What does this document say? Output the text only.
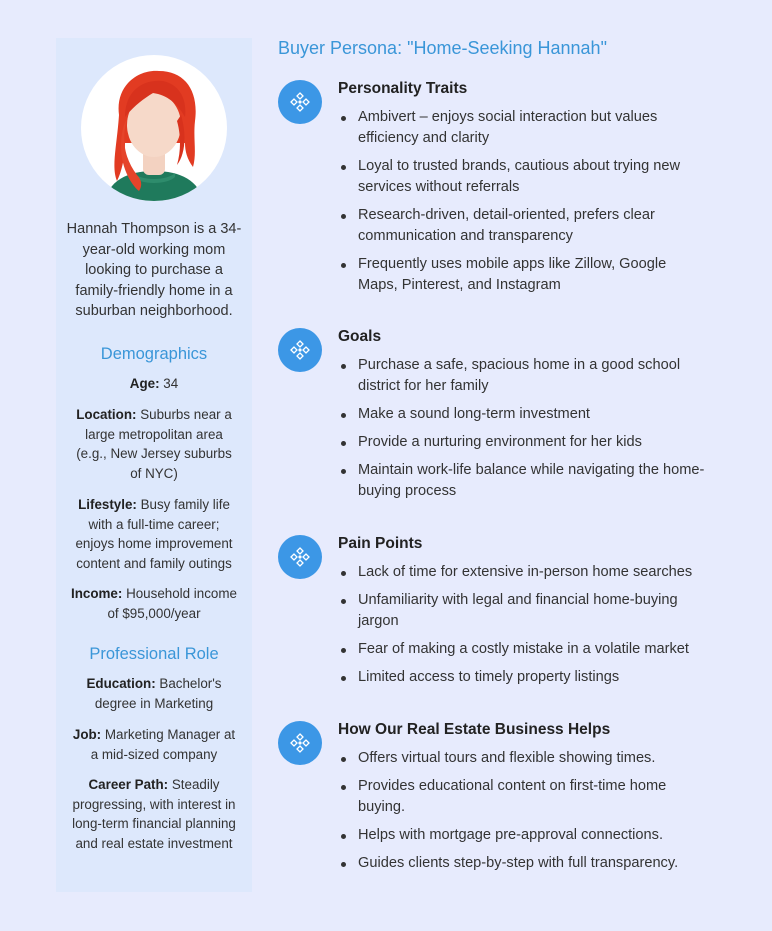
Hannah Thompson is a 34-year-old working mom looking to purchase a family-friendly home in a suburban neighborhood.
Demographics
Age: 34
Location: Suburbs near a large metropolitan area (e.g., New Jersey suburbs of NYC)
Lifestyle: Busy family life with a full-time career; enjoys home improvement content and family outings
Income: Household income of $95,000/year
Professional Role
Education: Bachelor's degree in Marketing
Job: Marketing Manager at a mid-sized company
Career Path: Steadily progressing, with interest in long-term financial planning and real estate investment
Buyer Persona: "Home-Seeking Hannah"
Personality Traits
Ambivert – enjoys social interaction but values efficiency and clarity
Loyal to trusted brands, cautious about trying new services without referrals
Research-driven, detail-oriented, prefers clear communication and transparency
Frequently uses mobile apps like Zillow, Google Maps, Pinterest, and Instagram
Goals
Purchase a safe, spacious home in a good school district for her family
Make a sound long-term investment
Provide a nurturing environment for her kids
Maintain work-life balance while navigating the home-buying process
Pain Points
Lack of time for extensive in-person home searches
Unfamiliarity with legal and financial home-buying jargon
Fear of making a costly mistake in a volatile market
Limited access to timely property listings
How Our Real Estate Business Helps
Offers virtual tours and flexible showing times.
Provides educational content on first-time home buying.
Helps with mortgage pre-approval connections.
Guides clients step-by-step with full transparency.
